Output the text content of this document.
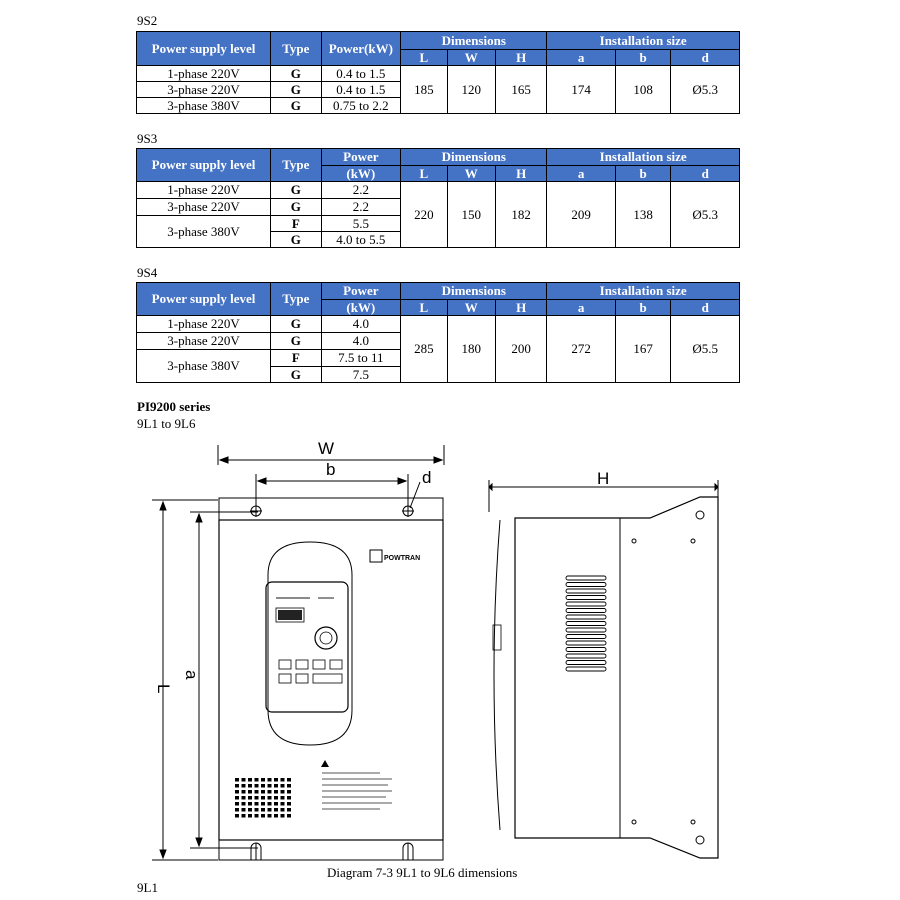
9S2
Power supply level	Type	Power(kW)	Dimensions			Installation size		
			L	W	H	a	b	d
1-phase 220V	G	0.4 to 1.5	185	120	165	174	108	Ø5.3
3-phase 220V	G	0.4 to 1.5						
3-phase 380V	G	0.75 to 2.2						
9S3
Power supply level	Type	Power	Dimensions			Installation size		
		(kW)	L	W	H	a	b	d
1-phase 220V	G	2.2	220	150	182	209	138	Ø5.3
3-phase 220V	G	2.2						
3-phase 380V	F	5.5						
	G	4.0 to 5.5						
9S4
Power supply level	Type	Power	Dimensions			Installation size		
		(kW)	L	W	H	a	b	d
1-phase 220V	G	4.0	285	180	200	272	167	Ø5.5
3-phase 220V	G	4.0						
3-phase 380V	F	7.5 to 11						
	G	7.5						
PI9200 series
9L1 to 9L6
POWTRAN
W
b	d	H
L
a
Diagram 7-3 9L1 to 9L6 dimensions
9L1
